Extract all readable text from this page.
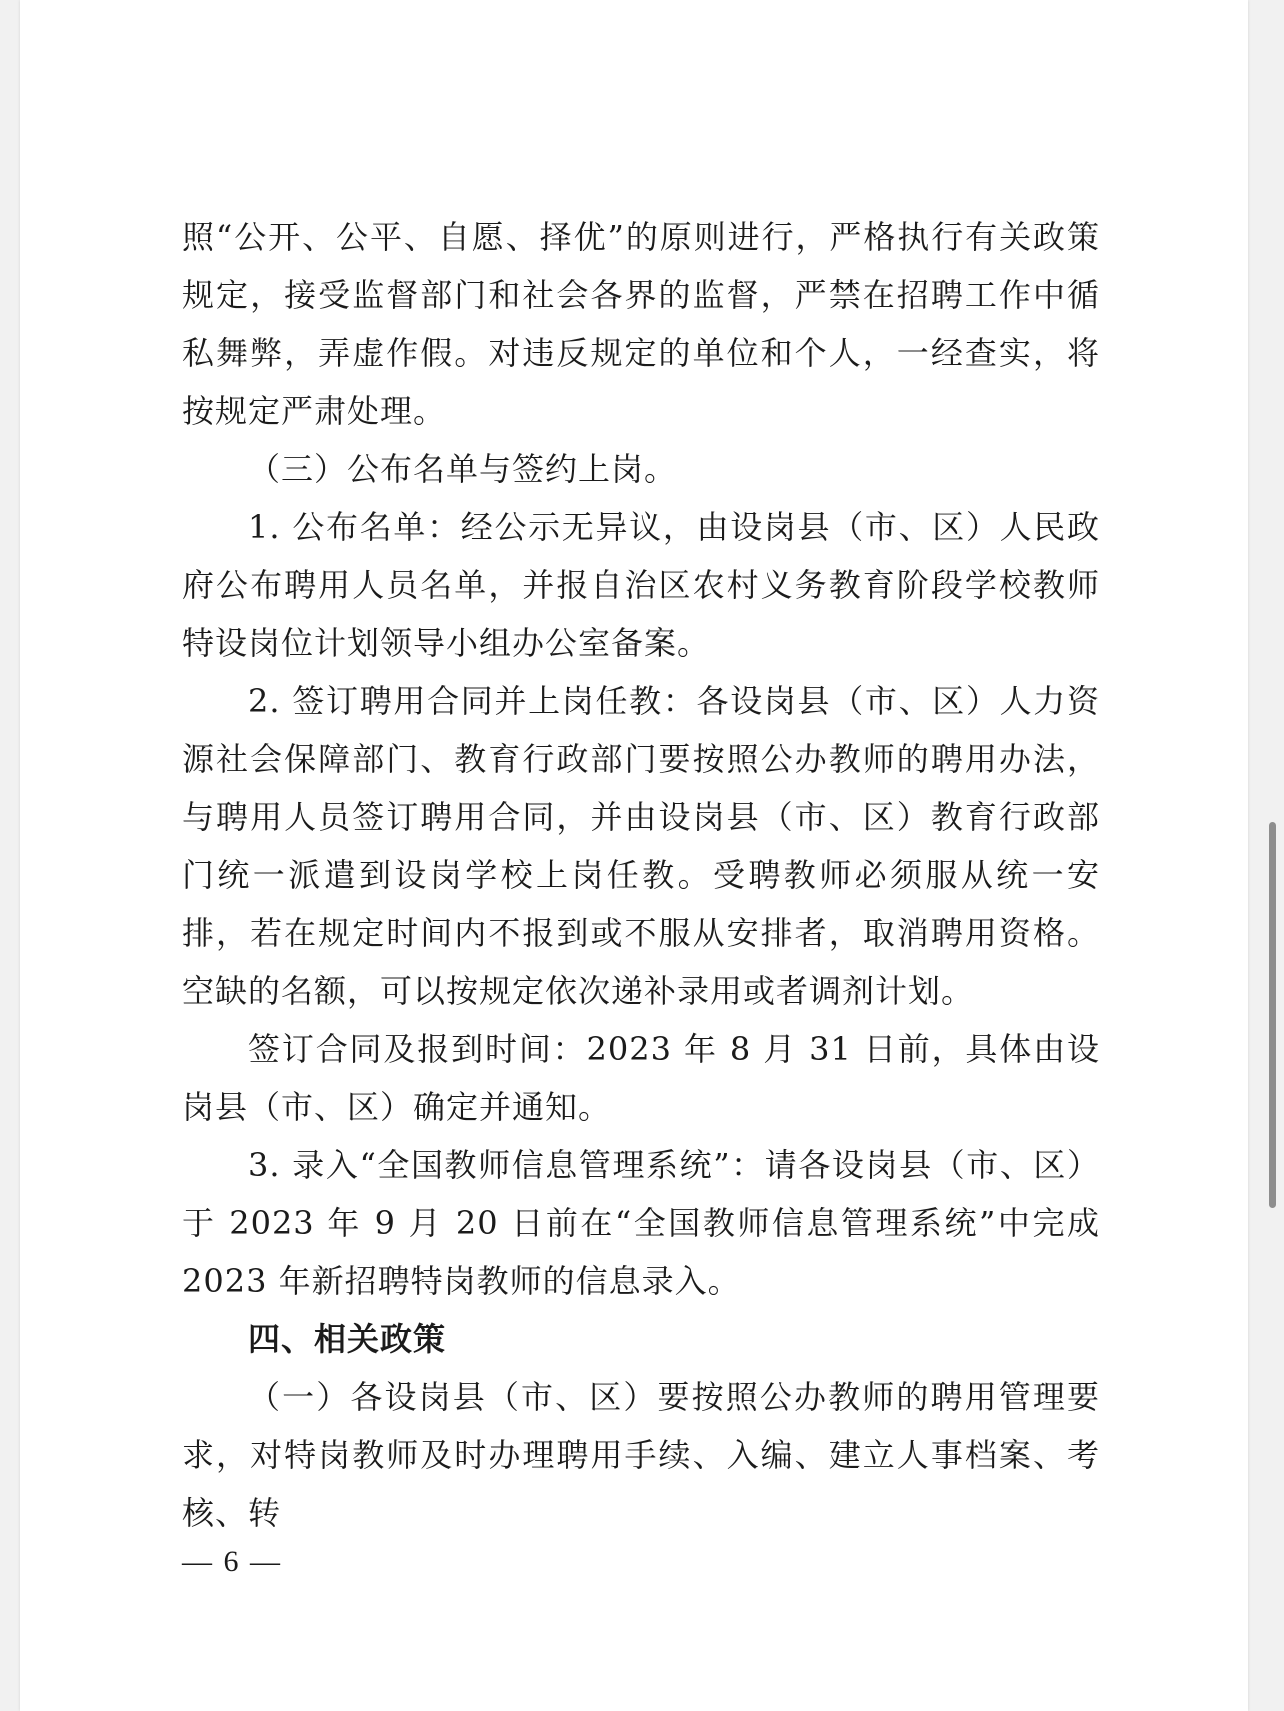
照“公开、公平、自愿、择优”的原则进行，严格执行有关政策规定，接受监督部门和社会各界的监督，严禁在招聘工作中循私舞弊，弄虚作假。对违反规定的单位和个人，一经查实，将按规定严肃处理。

（三）公布名单与签约上岗。

1. 公布名单：经公示无异议，由设岗县（市、区）人民政府公布聘用人员名单，并报自治区农村义务教育阶段学校教师特设岗位计划领导小组办公室备案。

2. 签订聘用合同并上岗任教：各设岗县（市、区）人力资源社会保障部门、教育行政部门要按照公办教师的聘用办法，与聘用人员签订聘用合同，并由设岗县（市、区）教育行政部门统一派遣到设岗学校上岗任教。受聘教师必须服从统一安排，若在规定时间内不报到或不服从安排者，取消聘用资格。空缺的名额，可以按规定依次递补录用或者调剂计划。

签订合同及报到时间：2023 年 8 月 31 日前，具体由设岗县（市、区）确定并通知。

3. 录入“全国教师信息管理系统”：请各设岗县（市、区）于 2023 年 9 月 20 日前在“全国教师信息管理系统”中完成 2023 年新招聘特岗教师的信息录入。

四、相关政策

（一）各设岗县（市、区）要按照公办教师的聘用管理要求，对特岗教师及时办理聘用手续、入编、建立人事档案、考核、转

— 6 —
